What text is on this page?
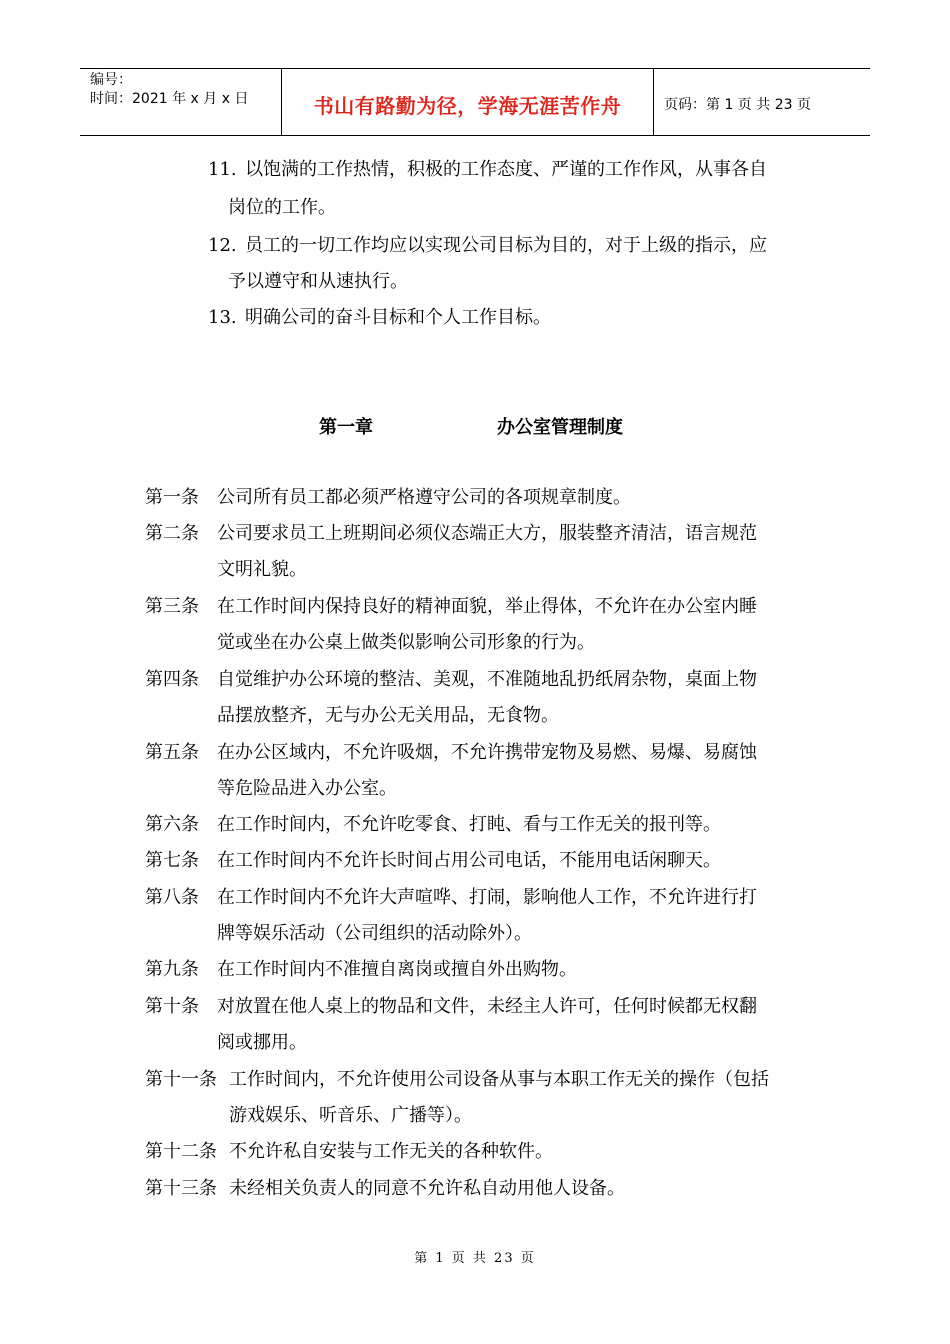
编号：
时间：2021 年 x 月 x 日	书山有路勤为径，学海无涯苦作舟	页码：第 1 页 共 23 页
11. 以饱满的工作热情，积极的工作态度、严谨的工作作风，从事各自
岗位的工作。
12. 员工的一切工作均应以实现公司目标为目的，对于上级的指示，应
予以遵守和从速执行。
13. 明确公司的奋斗目标和个人工作目标。
第一章	办公室管理制度
第一条 公司所有员工都必须严格遵守公司的各项规章制度。
第二条 公司要求员工上班期间必须仪态端正大方，服装整齐清洁，语言规范
文明礼貌。
第三条 在工作时间内保持良好的精神面貌，举止得体，不允许在办公室内睡
觉或坐在办公桌上做类似影响公司形象的行为。
第四条 自觉维护办公环境的整洁、美观，不准随地乱扔纸屑杂物，桌面上物
品摆放整齐，无与办公无关用品，无食物。
第五条 在办公区域内，不允许吸烟，不允许携带宠物及易燃、易爆、易腐蚀
等危险品进入办公室。
第六条 在工作时间内，不允许吃零食、打盹、看与工作无关的报刊等。
第七条 在工作时间内不允许长时间占用公司电话，不能用电话闲聊天。
第八条 在工作时间内不允许大声喧哗、打闹，影响他人工作，不允许进行打
牌等娱乐活动（公司组织的活动除外）。
第九条 在工作时间内不准擅自离岗或擅自外出购物。
第十条 对放置在他人桌上的物品和文件，未经主人许可，任何时候都无权翻
阅或挪用。
第十一条 工作时间内，不允许使用公司设备从事与本职工作无关的操作（包括
游戏娱乐、听音乐、广播等）。
第十二条 不允许私自安装与工作无关的各种软件。
第十三条 未经相关负责人的同意不允许私自动用他人设备。
第 1 页 共 23 页
